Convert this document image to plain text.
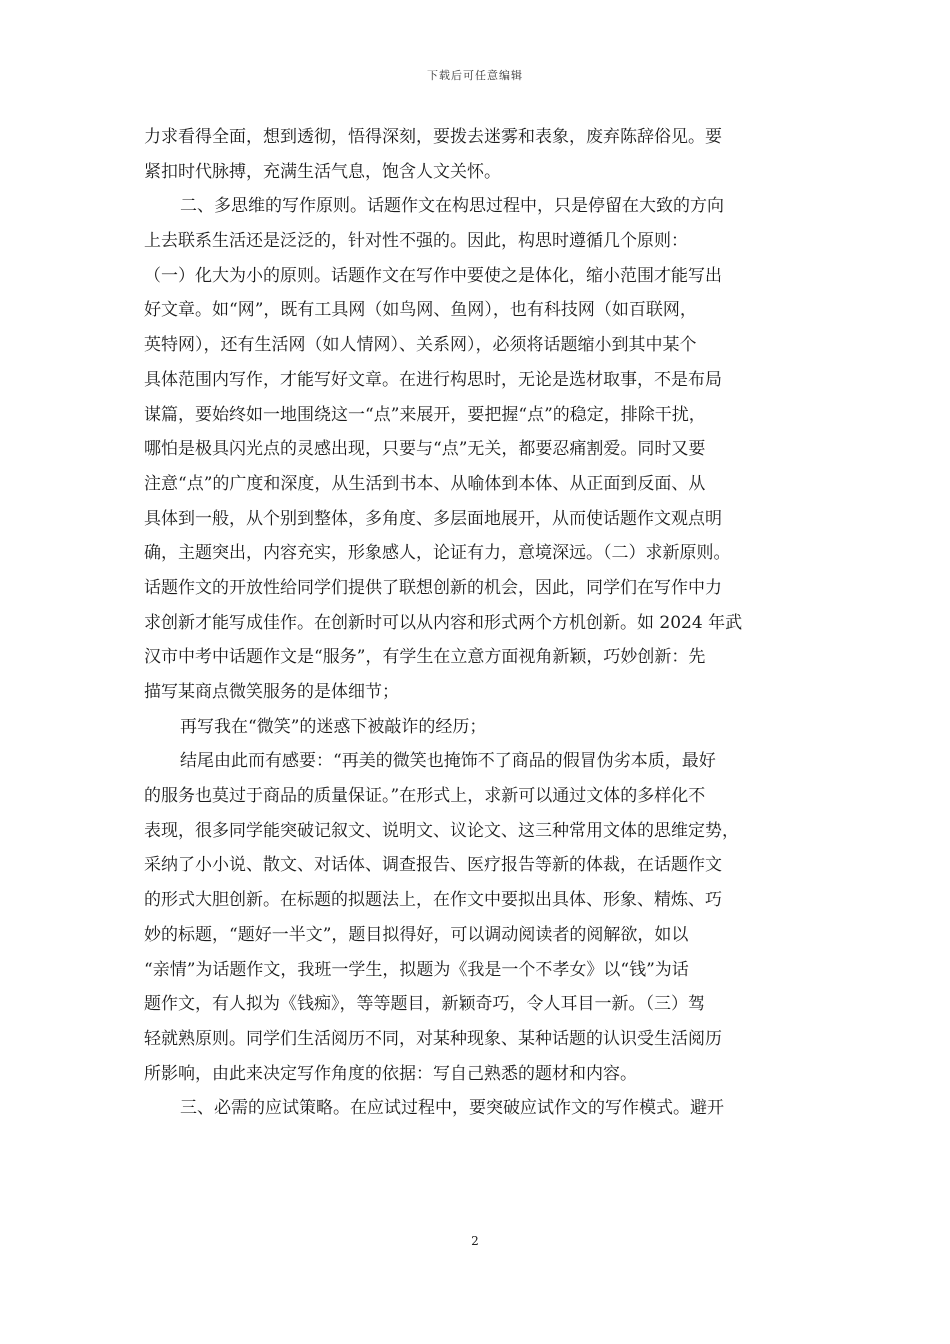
下载后可任意编辑
力求看得全面，想到透彻，悟得深刻，要拨去迷雾和表象，废弃陈辞俗见。要
紧扣时代脉搏，充满生活气息，饱含人文关怀。
二、多思维的写作原则。话题作文在构思过程中，只是停留在大致的方向
上去联系生活还是泛泛的，针对性不强的。因此，构思时遵循几个原则：
（一）化大为小的原则。话题作文在写作中要使之是体化，缩小范围才能写出
好文章。如“网”，既有工具网（如鸟网、鱼网），也有科技网（如百联网，
英特网），还有生活网（如人情网）、关系网），必须将话题缩小到其中某个
具体范围内写作，才能写好文章。在进行构思时，无论是选材取事，不是布局
谋篇，要始终如一地围绕这一“点”来展开，要把握“点”的稳定，排除干扰，
哪怕是极具闪光点的灵感出现，只要与“点”无关，都要忍痛割爱。同时又要
注意“点”的广度和深度，从生活到书本、从喻体到本体、从正面到反面、从
具体到一般，从个别到整体，多角度、多层面地展开，从而使话题作文观点明
确，主题突出，内容充实，形象感人，论证有力，意境深远。（二）求新原则。
话题作文的开放性给同学们提供了联想创新的机会，因此，同学们在写作中力
求创新才能写成佳作。在创新时可以从内容和形式两个方机创新。如 2024 年武
汉市中考中话题作文是“服务”，有学生在立意方面视角新颖，巧妙创新：先
描写某商点微笑服务的是体细节；
再写我在“微笑”的迷惑下被敲诈的经历；
结尾由此而有感要：“再美的微笑也掩饰不了商品的假冒伪劣本质，最好
的服务也莫过于商品的质量保证。”在形式上，求新可以通过文体的多样化不
表现，很多同学能突破记叙文、说明文、议论文、这三种常用文体的思维定势，
采纳了小小说、散文、对话体、调查报告、医疗报告等新的体裁，在话题作文
的形式大胆创新。在标题的拟题法上，在作文中要拟出具体、形象、精炼、巧
妙的标题，“题好一半文”，题目拟得好，可以调动阅读者的阅解欲，如以
“亲情”为话题作文，我班一学生，拟题为《我是一个不孝女》以“钱”为话
题作文，有人拟为《钱痴》，等等题目，新颖奇巧，令人耳目一新。（三）驾
轻就熟原则。同学们生活阅历不同，对某种现象、某种话题的认识受生活阅历
所影响，由此来决定写作角度的依据：写自己熟悉的题材和内容。
三、必需的应试策略。在应试过程中，要突破应试作文的写作模式。避开
2
